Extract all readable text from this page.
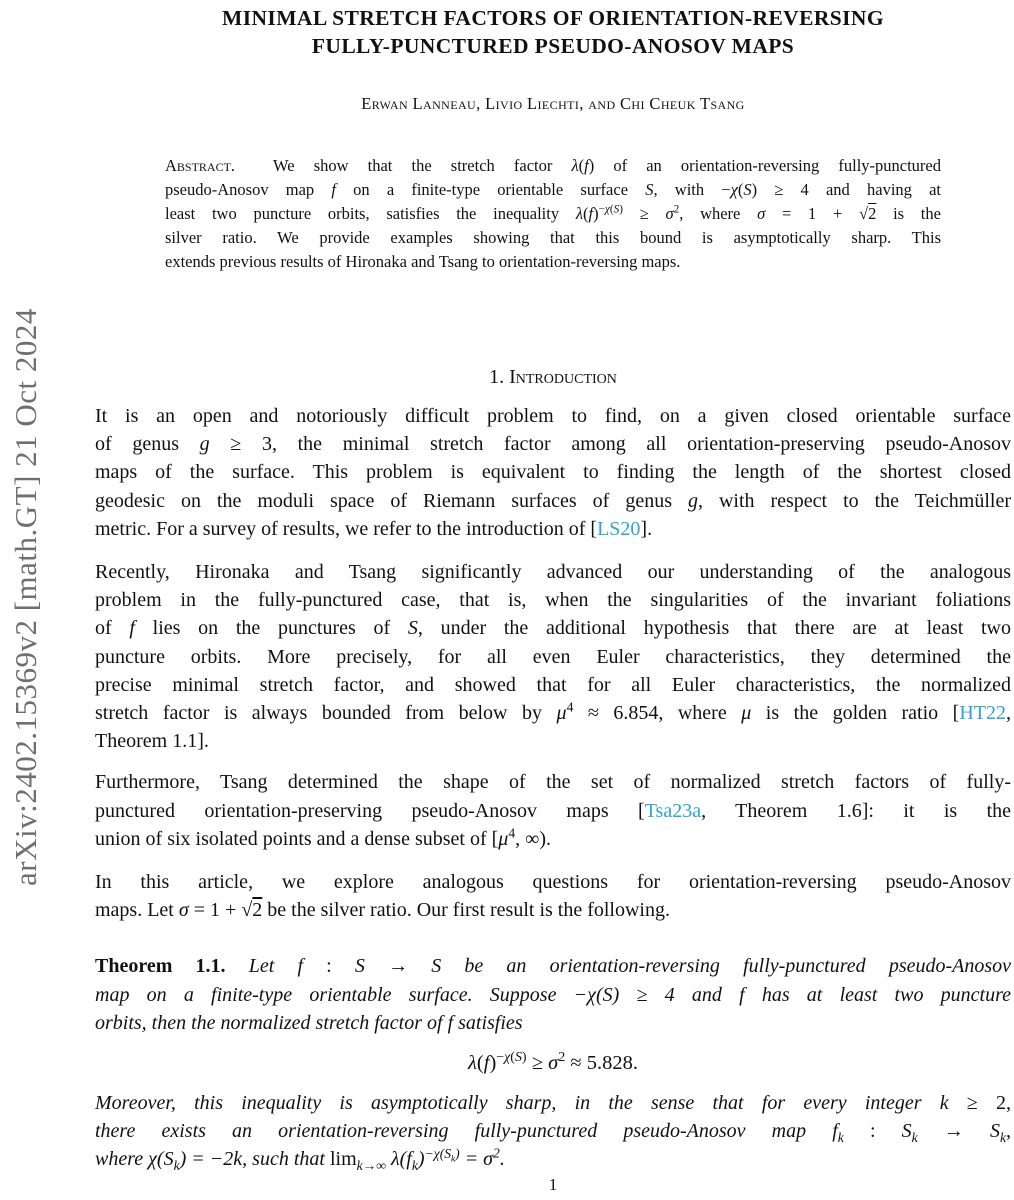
arXiv:2402.15369v2 [math.GT] 21 Oct 2024
MINIMAL STRETCH FACTORS OF ORIENTATION-REVERSING
FULLY-PUNCTURED PSEUDO-ANOSOV MAPS
Erwan Lanneau, Livio Liechti, and Chi Cheuk Tsang
Abstract.  We show that the stretch factor λ(f) of an orientation-reversing fully-punctured
pseudo-Anosov map f on a finite-type orientable surface S, with −χ(S) ≥ 4 and having at
least two puncture orbits, satisfies the inequality $\lambda(f)^{-\chi(S)} \ge \sigma^2$, where σ = 1 + √2 is the
silver ratio. We provide examples showing that this bound is asymptotically sharp. This
extends previous results of Hironaka and Tsang to orientation-reversing maps.
1. Introduction
It is an open and notoriously difficult problem to find, on a given closed orientable surface
of genus g ≥ 3, the minimal stretch factor among all orientation-preserving pseudo-Anosov
maps of the surface. This problem is equivalent to finding the length of the shortest closed
geodesic on the moduli space of Riemann surfaces of genus g, with respect to the Teichmüller
metric. For a survey of results, we refer to the introduction of [LS20].
Recently, Hironaka and Tsang significantly advanced our understanding of the analogous
problem in the fully-punctured case, that is, when the singularities of the invariant foliations
of f lies on the punctures of S, under the additional hypothesis that there are at least two
puncture orbits. More precisely, for all even Euler characteristics, they determined the
precise minimal stretch factor, and showed that for all Euler characteristics, the normalized
stretch factor is always bounded from below by $\mu^4 \approx 6.854$, where μ is the golden ratio [HT22,
Theorem 1.1].
Furthermore, Tsang determined the shape of the set of normalized stretch factors of fully-
punctured orientation-preserving pseudo-Anosov maps [Tsa23a, Theorem 1.6]: it is the
union of six isolated points and a dense subset of [$\mu^4$, ∞).
In this article, we explore analogous questions for orientation-reversing pseudo-Anosov
maps. Let σ = 1 + √2 be the silver ratio. Our first result is the following.
Theorem 1.1. Let f : S → S be an orientation-reversing fully-punctured pseudo-Anosov
map on a finite-type orientable surface. Suppose −χ(S) ≥ 4 and f has at least two puncture
orbits, then the normalized stretch factor of f satisfies
$\lambda(f)^{-\chi(S)} \ge \sigma^2 \approx 5.828$.
Moreover, this inequality is asymptotically sharp, in the sense that for every integer k ≥ 2,
there exists an orientation-reversing fully-punctured pseudo-Anosov map $f_k$ : $S_k \to S_k$,
where $\chi(S_k) = -2k$, such that $\lim_{k\to\infty} \lambda(f_k)^{-\chi(S_k)} = \sigma^2$.
1
